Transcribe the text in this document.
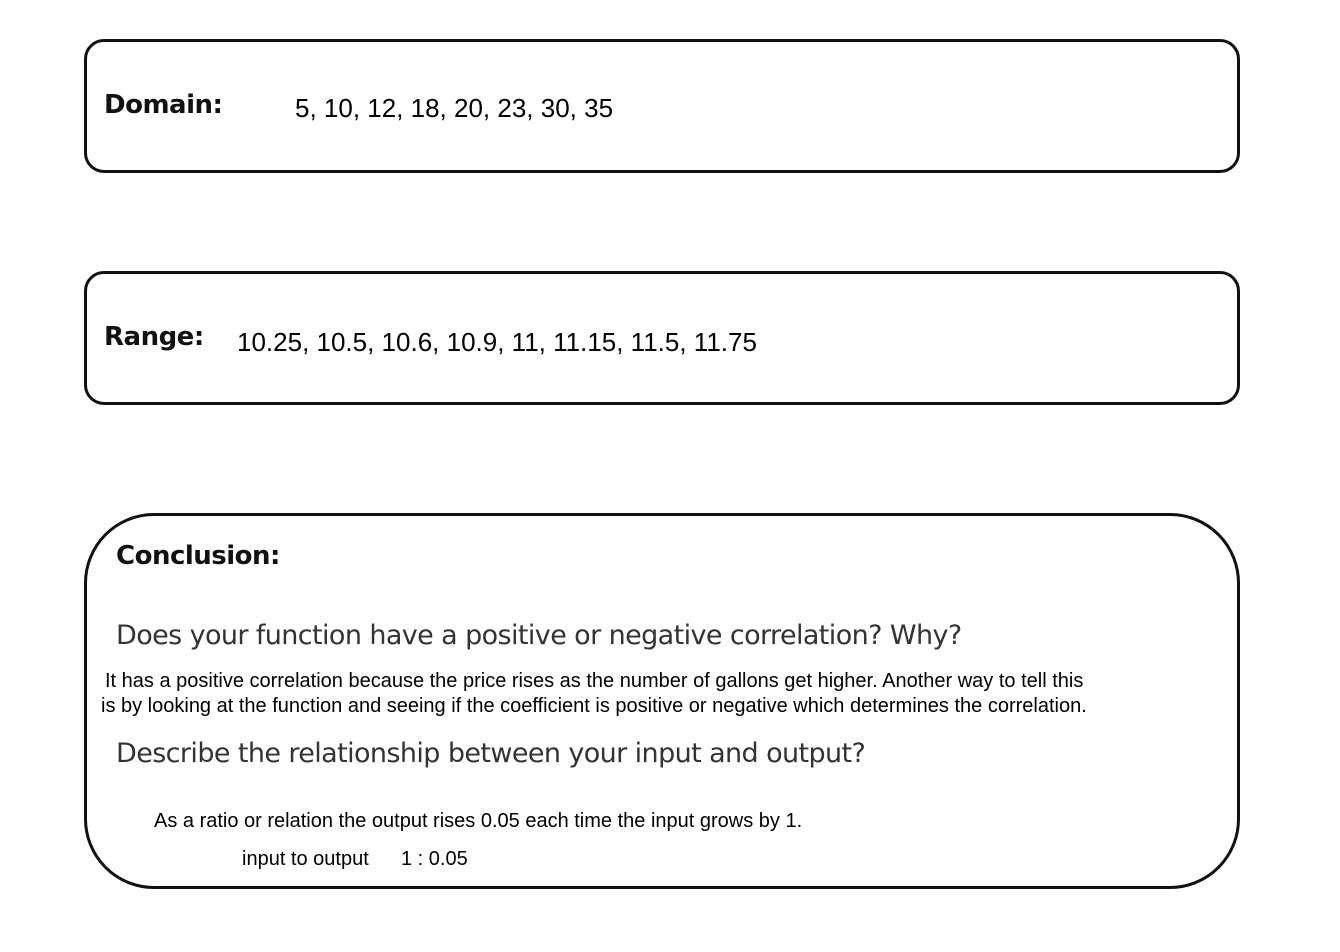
Domain:	5, 10, 12, 18, 20, 23, 30, 35
Range: 10.25, 10.5, 10.6, 10.9, 11, 11.15, 11.5, 11.75
Conclusion:
Does your function have a positive or negative correlation? Why?
It has a positive correlation because the price rises as the number of gallons get higher. Another way to tell this
is by looking at the function and seeing if the coefficient is positive or negative which determines the correlation.
Describe the relationship between your input and output?
As a ratio or relation the output rises 0.05 each time the input grows by 1.
input to output 1 : 0.05
